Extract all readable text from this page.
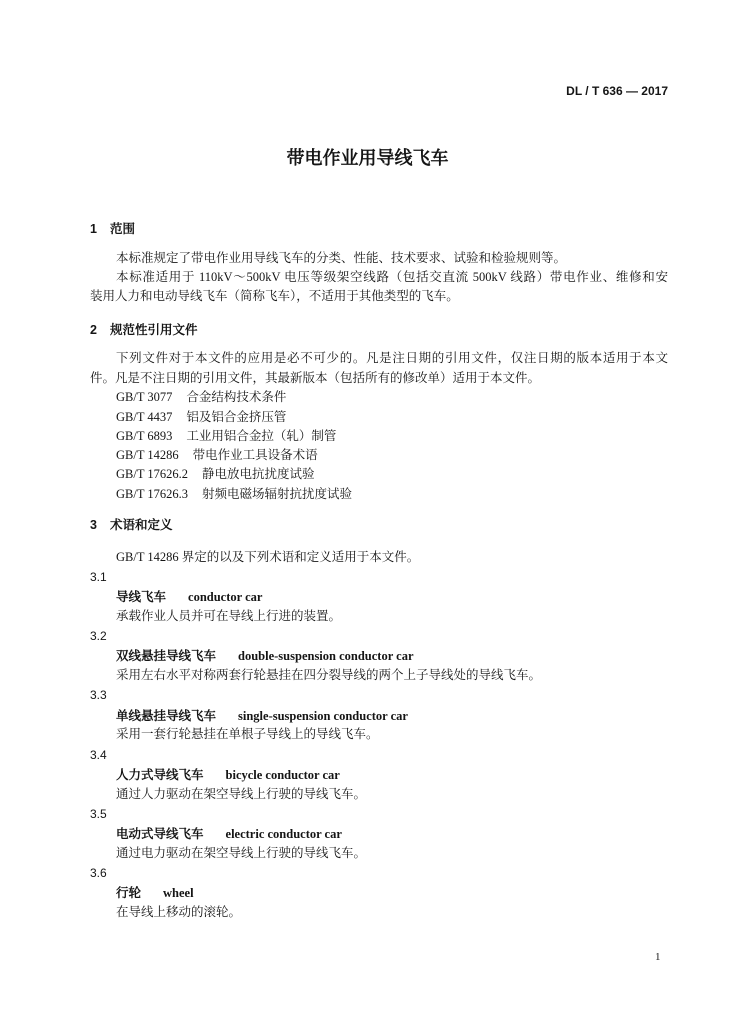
DL / T 636 — 2017
带电作业用导线飞车
1 范围
本标准规定了带电作业用导线飞车的分类、性能、技术要求、试验和检验规则等。
本标准适用于 110kV～500kV 电压等级架空线路（包括交直流 500kV 线路）带电作业、维修和安
装用人力和电动导线飞车（简称飞车），不适用于其他类型的飞车。
2 规范性引用文件
下列文件对于本文件的应用是必不可少的。凡是注日期的引用文件，仅注日期的版本适用于本文
件。凡是不注日期的引用文件，其最新版本（包括所有的修改单）适用于本文件。
GB/T 3077 合金结构技术条件
GB/T 4437 铝及铝合金挤压管
GB/T 6893 工业用铝合金拉（轧）制管
GB/T 14286 带电作业工具设备术语
GB/T 17626.2 静电放电抗扰度试验
GB/T 17626.3 射频电磁场辐射抗扰度试验
3 术语和定义
GB/T 14286 界定的以及下列术语和定义适用于本文件。
3.1
导线飞车 conductor car
承载作业人员并可在导线上行进的装置。
3.2
双线悬挂导线飞车 double-suspension conductor car
采用左右水平对称两套行轮悬挂在四分裂导线的两个上子导线处的导线飞车。
3.3
单线悬挂导线飞车 single-suspension conductor car
采用一套行轮悬挂在单根子导线上的导线飞车。
3.4
人力式导线飞车 bicycle conductor car
通过人力驱动在架空导线上行驶的导线飞车。
3.5
电动式导线飞车 electric conductor car
通过电力驱动在架空导线上行驶的导线飞车。
3.6
行轮 wheel
在导线上移动的滚轮。
1
